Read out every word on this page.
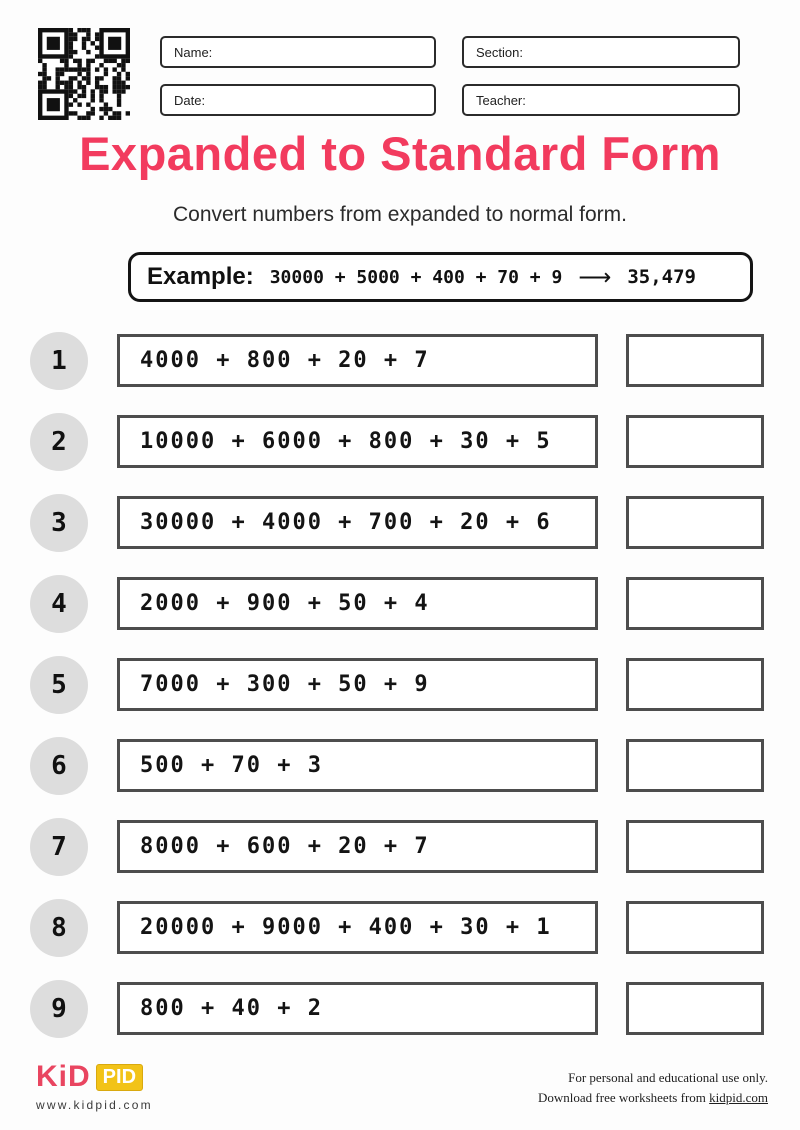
Name:	Section:
Date:	Teacher:
Expanded to Standard Form

Convert numbers from expanded to normal form.

Example: 30000 + 5000 + 400 + 70 + 9 ⟶ 35,479
1	4000 + 800 + 20 + 7
2	10000 + 6000 + 800 + 30 + 5
3	30000 + 4000 + 700 + 20 + 6
4	2000 + 900 + 50 + 4
5	7000 + 300 + 50 + 9
6	500 + 70 + 3
7	8000 + 600 + 20 + 7
8	20000 + 9000 + 400 + 30 + 1
9	800 + 40 + 2
KiD PID
www.kidpid.com
For personal and educational use only.
Download free worksheets from kidpid.com
